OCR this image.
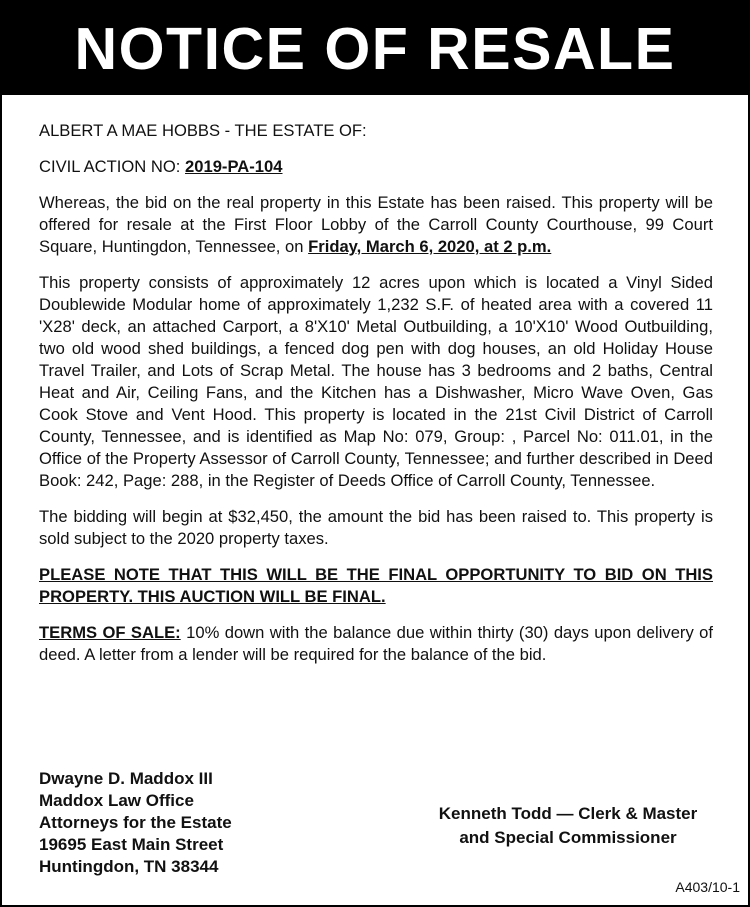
NOTICE OF RESALE

ALBERT A MAE HOBBS - THE ESTATE OF:

CIVIL ACTION NO: 2019-PA-104

Whereas, the bid on the real property in this Estate has been raised. This property will be offered for resale at the First Floor Lobby of the Carroll County Courthouse, 99 Court Square, Huntingdon, Tennessee, on Friday, March 6, 2020, at 2 p.m.

This property consists of approximately 12 acres upon which is located a Vinyl Sided Doublewide Modular home of approximately 1,232 S.F. of heated area with a covered 11 'X28' deck, an attached Carport, a 8'X10' Metal Outbuilding, a 10'X10' Wood Outbuilding, two old wood shed buildings, a fenced dog pen with dog houses, an old Holiday House Travel Trailer, and Lots of Scrap Metal. The house has 3 bedrooms and 2 baths, Central Heat and Air, Ceiling Fans, and the Kitchen has a Dishwasher, Micro Wave Oven, Gas Cook Stove and Vent Hood. This property is located in the 21st Civil District of Carroll County, Tennessee, and is identified as Map No: 079, Group: , Parcel No: 011.01, in the Office of the Property Assessor of Carroll County, Tennessee; and further described in Deed Book: 242, Page: 288, in the Register of Deeds Office of Carroll County, Tennessee.

The bidding will begin at $32,450, the amount the bid has been raised to. This property is sold subject to the 2020 property taxes.

PLEASE NOTE THAT THIS WILL BE THE FINAL OPPORTUNITY TO BID ON THIS PROPERTY. THIS AUCTION WILL BE FINAL.

TERMS OF SALE: 10% down with the balance due within thirty (30) days upon delivery of deed. A letter from a lender will be required for the balance of the bid.

Dwayne D. Maddox III
Maddox Law Office
Attorneys for the Estate
19695 East Main Street
Huntingdon, TN 38344
Kenneth Todd — Clerk & Master
and Special Commissioner
A403/10-1
